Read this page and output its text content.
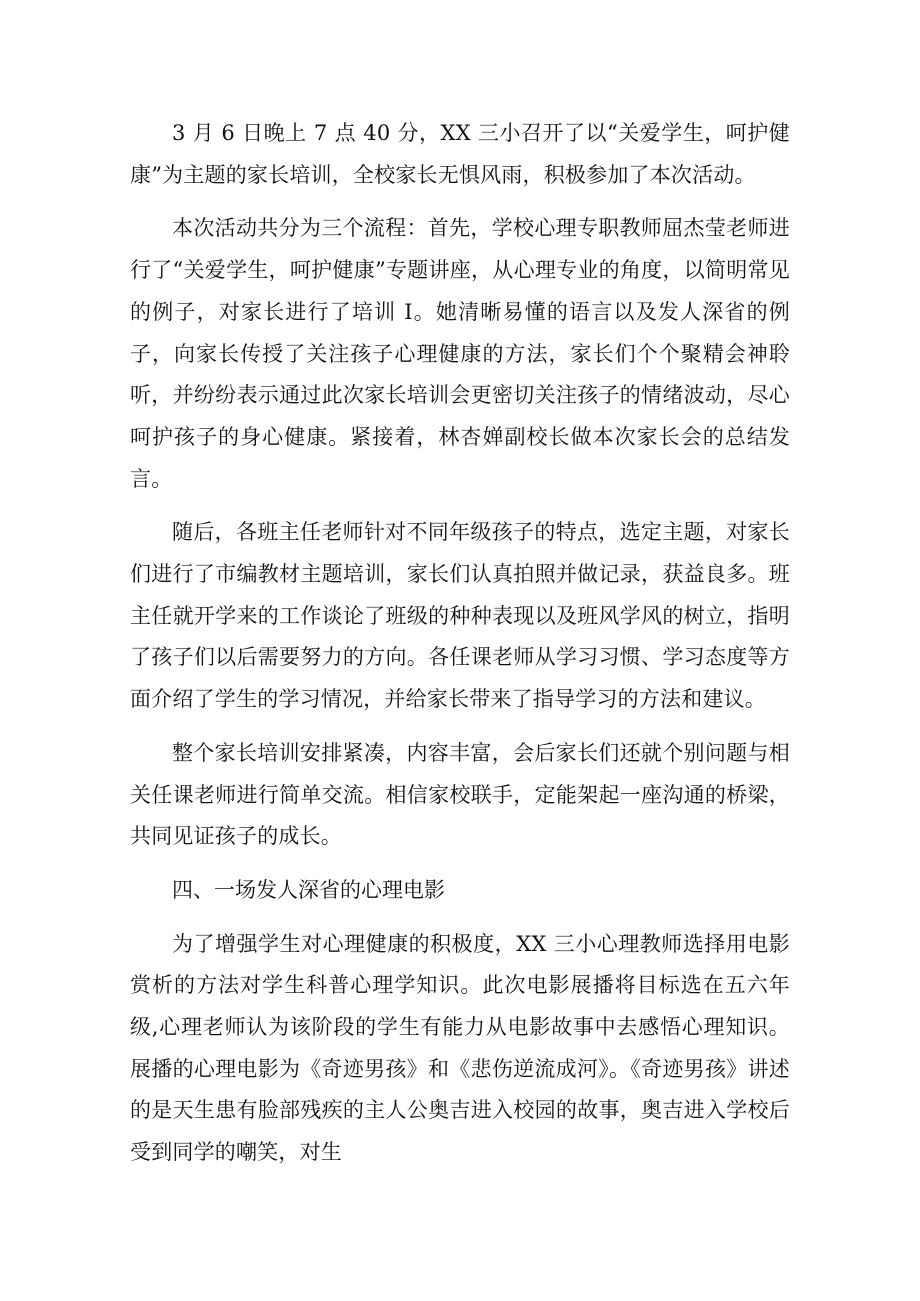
3 月 6 日晚上 7 点 40 分，XX 三小召开了以“关爱学生，呵护健康”为主题的家长培训，全校家长无惧风雨，积极参加了本次活动。

本次活动共分为三个流程：首先，学校心理专职教师屈杰莹老师进行了“关爱学生，呵护健康”专题讲座，从心理专业的角度，以简明常见的例子，对家长进行了培训 I。她清晰易懂的语言以及发人深省的例子，向家长传授了关注孩子心理健康的方法，家长们个个聚精会神聆听，并纷纷表示通过此次家长培训会更密切关注孩子的情绪波动，尽心呵护孩子的身心健康。紧接着，林杏婵副校长做本次家长会的总结发言。

随后，各班主任老师针对不同年级孩子的特点，选定主题，对家长们进行了市编教材主题培训，家长们认真拍照并做记录，获益良多。班主任就开学来的工作谈论了班级的种种表现以及班风学风的树立，指明了孩子们以后需要努力的方向。各任课老师从学习习惯、学习态度等方面介绍了学生的学习情况，并给家长带来了指导学习的方法和建议。

整个家长培训安排紧凑，内容丰富，会后家长们还就个别问题与相关任课老师进行简单交流。相信家校联手，定能架起一座沟通的桥梁，共同见证孩子的成长。

四、一场发人深省的心理电影

为了增强学生对心理健康的积极度，XX 三小心理教师选择用电影赏析的方法对学生科普心理学知识。此次电影展播将目标选在五六年级,心理老师认为该阶段的学生有能力从电影故事中去感悟心理知识。展播的心理电影为《奇迹男孩》和《悲伤逆流成河》。《奇迹男孩》讲述的是天生患有脸部残疾的主人公奥吉进入校园的故事，奥吉进入学校后受到同学的嘲笑，对生
